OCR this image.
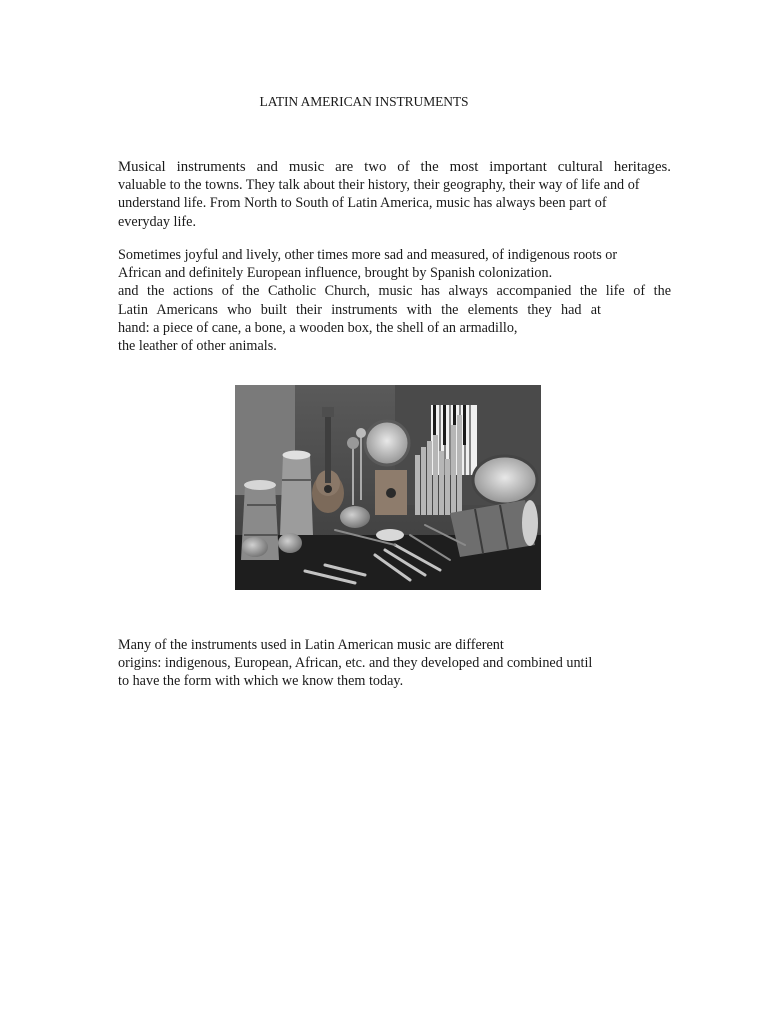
LATIN AMERICAN INSTRUMENTS
Musical instruments and music are two of the most important cultural heritages.
valuable to the towns. They talk about their history, their geography, their way of life and of
understand life. From North to South of Latin America, music has always been part of
everyday life.
Sometimes joyful and lively, other times more sad and measured, of indigenous roots or
African and definitely European influence, brought by Spanish colonization.
and the actions of the Catholic Church, music has always accompanied the life of the
Latin Americans who built their instruments with the elements they had at
hand: a piece of cane, a bone, a wooden box, the shell of an armadillo,
the leather of other animals.
Many of the instruments used in Latin American music are different
origins: indigenous, European, African, etc. and they developed and combined until
to have the form with which we know them today.
